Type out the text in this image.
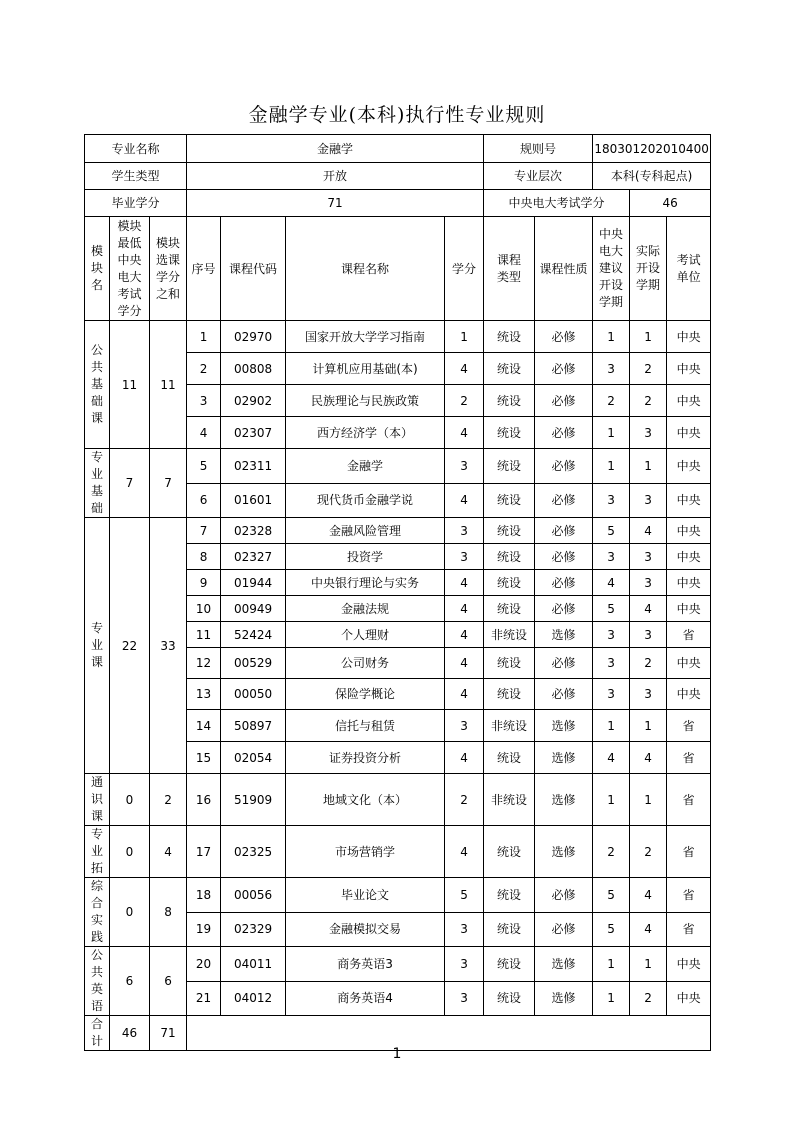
金融学专业(本科)执行性专业规则
专业名称			金融学				规则号		180301202010400		
学生类型			开放				专业层次		本科(专科起点)		
毕业学分			71				中央电大考试学分			46	

模块名	模块最低中央电大考试学分	模块选课学分之和	序号	课程代码	课程名称	学分	课程类型	课程性质	中央电大建议开设学期	实际开设学期	考试单位

公共基础课	11	11	1	02970	国家开放大学学习指南	1	统设	必修	1	1	中央
			2	00808	计算机应用基础(本)	4	统设	必修	3	2	中央
			3	02902	民族理论与民族政策	2	统设	必修	2	2	中央
			4	02307	西方经济学（本）	4	统设	必修	1	3	中央

专业基础	7	7	5	02311	金融学	3	统设	必修	1	1	中央
			6	01601	现代货币金融学说	4	统设	必修	3	3	中央

专业课	22	33	7	02328	金融风险管理	3	统设	必修	5	4	中央
			8	02327	投资学	3	统设	必修	3	3	中央
			9	01944	中央银行理论与实务	4	统设	必修	4	3	中央
			10	00949	金融法规	4	统设	必修	5	4	中央
			11	52424	个人理财	4	非统设	选修	3	3	省
			12	00529	公司财务	4	统设	必修	3	2	中央
			13	00050	保险学概论	4	统设	必修	3	3	中央
			14	50897	信托与租赁	3	非统设	选修	1	1	省
			15	02054	证券投资分析	4	统设	选修	4	4	省

通识课	0	2	16	51909	地域文化（本）	2	非统设	选修	1	1	省

专业拓	0	4	17	02325	市场营销学	4	统设	选修	2	2	省

综合实践	0	8	18	00056	毕业论文	5	统设	必修	5	4	省
			19	02329	金融模拟交易	3	统设	必修	5	4	省

公共英语	6	6	20	04011	商务英语3	3	统设	选修	1	1	中央
			21	04012	商务英语4	3	统设	选修	1	2	中央

合计	46	71									
1
